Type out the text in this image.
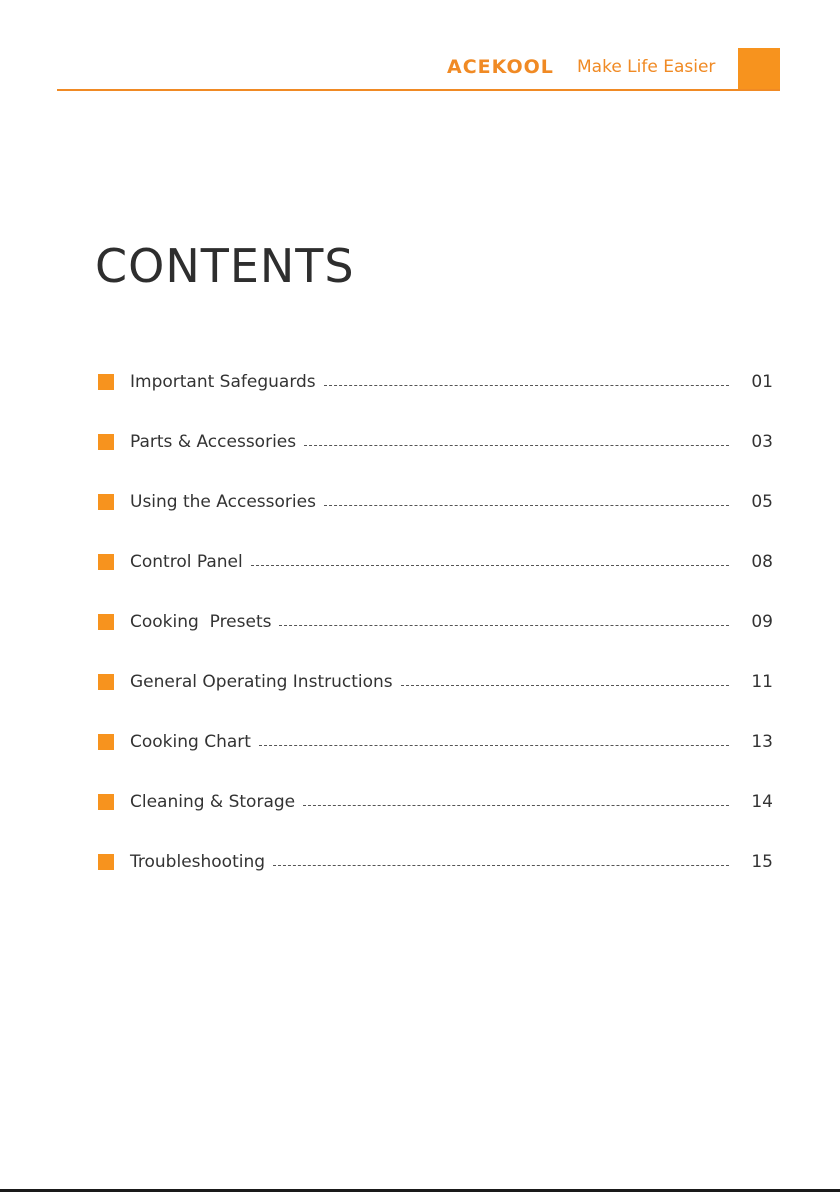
ACEKOOL Make Life Easier
CONTENTS
Important Safeguards	01
Parts & Accessories	03
Using the Accessories	05
Control Panel	08
Cooking  Presets	09
General Operating Instructions	11
Cooking Chart	13
Cleaning & Storage	14
Troubleshooting	15
